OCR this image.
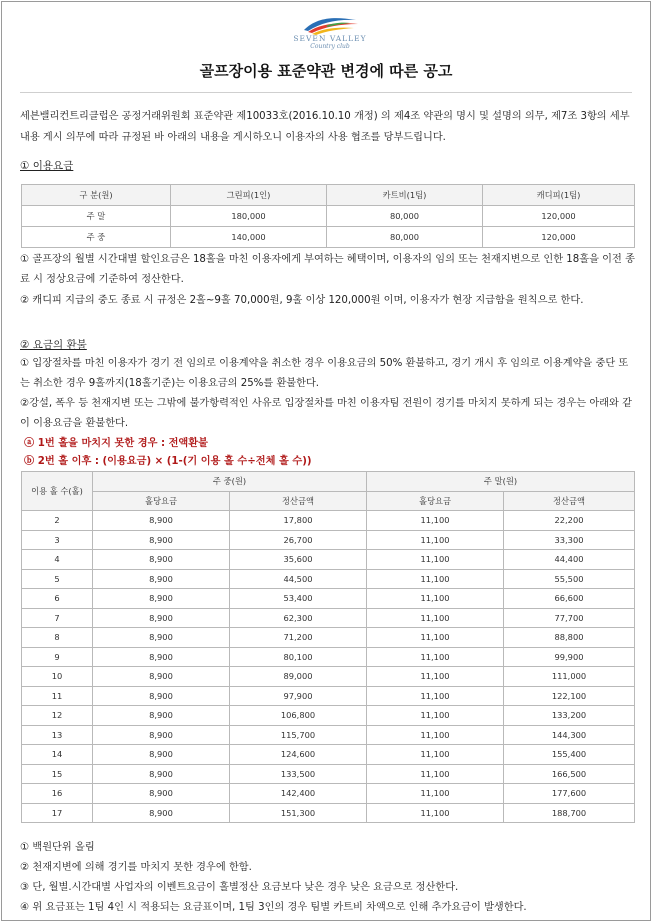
SEVEN VALLEY
Country club
골프장이용 표준약관 변경에 따른 공고
세븐밸리컨트리클럽은 공정거래위원회 표준약관 제10033호(2016.10.10 개정) 의 제4조 약관의 명시 및 설명의 의무, 제7조 3항의 세부내용 게시 의무에 따라 규정된 바 아래의 내용을 게시하오니 이용자의 사용 협조를 당부드립니다.
① 이용요금
구 분(원)	그린피(1인)	카트비(1팀)	캐디피(1팀)
주 말	180,000	80,000	120,000
주 중	140,000	80,000	120,000
① 골프장의 월별 시간대별 할인요금은 18홀을 마친 이용자에게 부여하는 혜택이며, 이용자의 임의 또는 천재지변으로 인한 18홀을 이전 종료 시 정상요금에 기준하여 정산한다.
② 캐디피 지급의 중도 종료 시 규정은 2홀~9홀 70,000원, 9홀 이상 120,000원 이며, 이용자가 현장 지급함을 원칙으로 한다.
② 요금의 환불
① 입장절차를 마친 이용자가 경기 전 임의로 이용계약을 취소한 경우 이용요금의 50% 환불하고, 경기 개시 후 임의로 이용계약을 중단 또는 취소한 경우 9홀까지(18홀기준)는 이용요금의 25%를 환불한다.
②강설, 폭우 등 천재지변 또는 그밖에 불가항력적인 사유로 입장절차를 마친 이용자팀 전원이 경기를 마치지 못하게 되는 경우는 아래와 같이 이용요금을 환불한다.
ⓐ 1번 홀을 마치지 못한 경우 : 전액환불
ⓑ 2번 홀 이후 : (이용요금) × (1-(기 이용 홀 수÷전체 홀 수))
이용 홀 수(홀)	주 중(원)		주 말(원)	
	홀당요금	정산금액	홀당요금	정산금액
2	8,900	17,800	11,100	22,200
3	8,900	26,700	11,100	33,300
4	8,900	35,600	11,100	44,400
5	8,900	44,500	11,100	55,500
6	8,900	53,400	11,100	66,600
7	8,900	62,300	11,100	77,700
8	8,900	71,200	11,100	88,800
9	8,900	80,100	11,100	99,900
10	8,900	89,000	11,100	111,000
11	8,900	97,900	11,100	122,100
12	8,900	106,800	11,100	133,200
13	8,900	115,700	11,100	144,300
14	8,900	124,600	11,100	155,400
15	8,900	133,500	11,100	166,500
16	8,900	142,400	11,100	177,600
17	8,900	151,300	11,100	188,700
① 백원단위 올림
② 천재지변에 의해 경기를 마치지 못한 경우에 한함.
③ 단, 월별.시간대별 사업자의 이벤트요금이 홀별정산 요금보다 낮은 경우 낮은 요금으로 정산한다.
④ 위 요금표는 1팀 4인 시 적용되는 요금표이며, 1팀 3인의 경우 팀별 카트비 차액으로 인해 추가요금이 발생한다.
